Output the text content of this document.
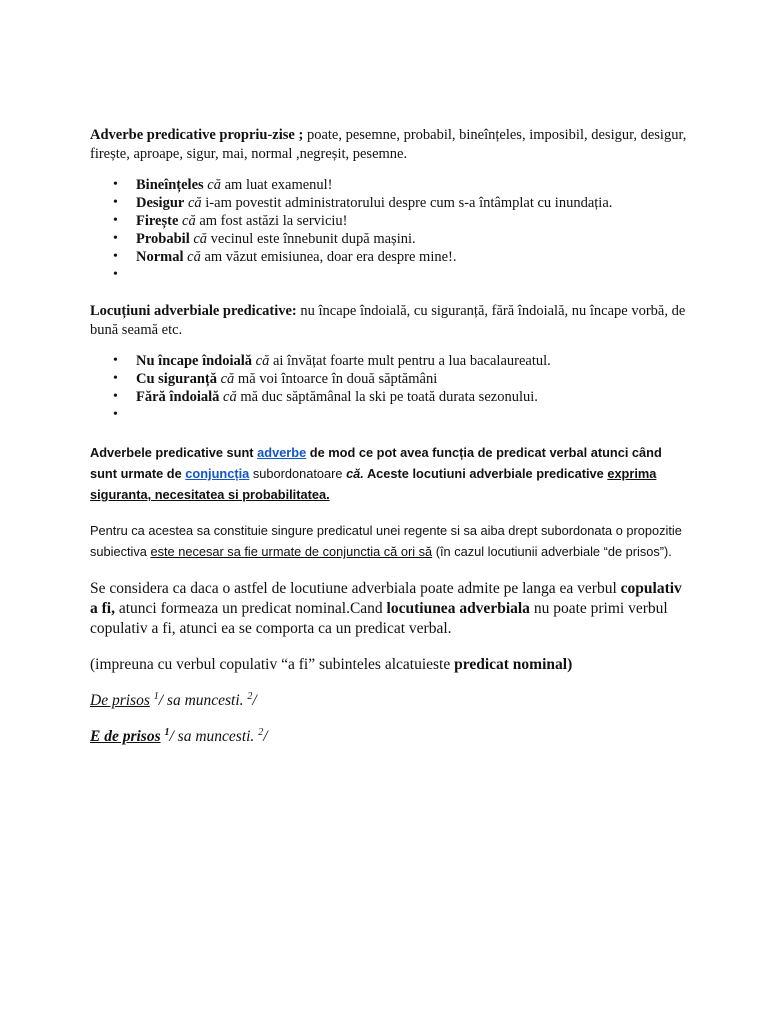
Adverbe predicative propriu-zise ; poate, pesemne, probabil, bineînțeles, imposibil, desigur, desigur, firește, aproape, sigur, mai, normal ,negreșit, pesemne.

• Bineînțeles că am luat examenul!
• Desigur că i-am povestit administratorului despre cum s-a întâmplat cu inundația.
• Firește că am fost astăzi la serviciu!
• Probabil că vecinul este înnebunit după mașini.
• Normal că am văzut emisiunea, doar era despre mine!.
•

Locuțiuni adverbiale predicative: nu încape îndoială, cu siguranță, fără îndoială, nu încape vorbă, de bună seamă etc.

• Nu încape îndoială că ai învățat foarte mult pentru a lua bacalaureatul.
• Cu siguranță că mă voi întoarce în două săptămâni
• Fără îndoială că mă duc săptămânal la ski pe toată durata sezonului.
•

Adverbele predicative sunt adverbe de mod ce pot avea funcția de predicat verbal atunci când sunt urmate de conjuncția subordonatoare că. Aceste locutiuni adverbiale predicative exprima siguranta, necesitatea si probabilitatea.

Pentru ca acestea sa constituie singure predicatul unei regente si sa aiba drept subordonata o propozitie subiectiva este necesar sa fie urmate de conjunctia că ori să (în cazul locutiunii adverbiale “de prisos”).

Se considera ca daca o astfel de locutiune adverbiala poate admite pe langa ea verbul copulativ a fi, atunci formeaza un predicat nominal.Cand locutiunea adverbiala nu poate primi verbul copulativ a fi, atunci ea se comporta ca un predicat verbal.

(impreuna cu verbul copulativ “a fi” subinteles alcatuieste predicat nominal)

De prisos $^1$/ sa muncesti. $^2$/

E de prisos $^1$/ sa muncesti. $^2$/
